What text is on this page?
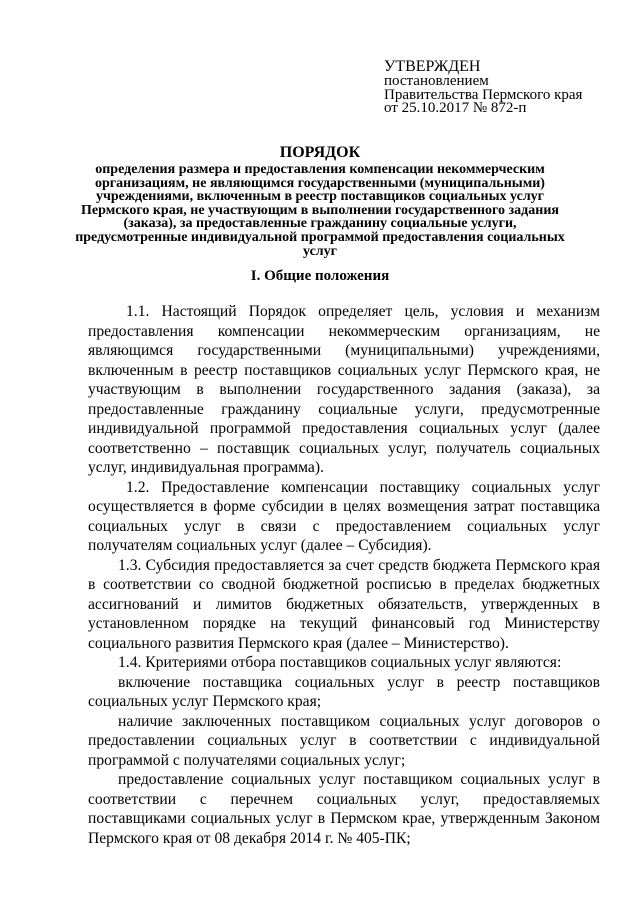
УТВЕРЖДЕН
постановлением
Правительства Пермского края
от 25.10.2017 № 872-п
ПОРЯДОК
определения размера и предоставления компенсации некоммерческим организациям, не являющимся государственными (муниципальными) учреждениями, включенным в реестр поставщиков социальных услуг Пермского края, не участвующим в выполнении государственного задания (заказа), за предоставленные гражданину социальные услуги, предусмотренные индивидуальной программой предоставления социальных услуг
I. Общие положения

1.1. Настоящий Порядок определяет цель, условия и механизм предоставления компенсации некоммерческим организациям, не являющимся государственными (муниципальными) учреждениями, включенным в реестр поставщиков социальных услуг Пермского края, не участвующим в выполнении государственного задания (заказа), за предоставленные гражданину социальные услуги, предусмотренные индивидуальной программой предоставления социальных услуг (далее соответственно – поставщик социальных услуг, получатель социальных услуг, индивидуальная программа).

1.2. Предоставление компенсации поставщику социальных услуг осуществляется в форме субсидии в целях возмещения затрат поставщика социальных услуг в связи с предоставлением социальных услуг получателям социальных услуг (далее – Субсидия).

1.3. Субсидия предоставляется за счет средств бюджета Пермского края в соответствии со сводной бюджетной росписью в пределах бюджетных ассигнований и лимитов бюджетных обязательств, утвержденных в установленном порядке на текущий финансовый год Министерству социального развития Пермского края (далее – Министерство).

1.4. Критериями отбора поставщиков социальных услуг являются:

включение поставщика социальных услуг в реестр поставщиков социальных услуг Пермского края;

наличие заключенных поставщиком социальных услуг договоров о предоставлении социальных услуг в соответствии с индивидуальной программой с получателями социальных услуг;

предоставление социальных услуг поставщиком социальных услуг в соответствии с перечнем социальных услуг, предоставляемых поставщиками социальных услуг в Пермском крае, утвержденным Законом Пермского края от 08 декабря 2014 г. № 405-ПК;
